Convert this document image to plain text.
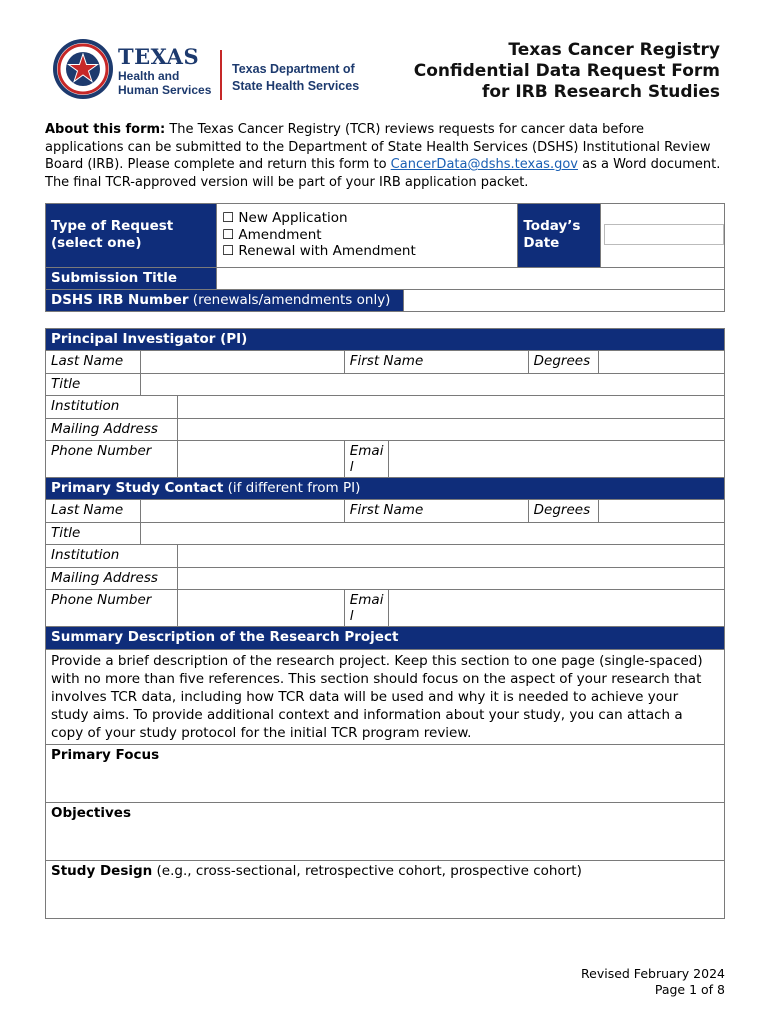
TEXAS
Health and Human Services
Texas Department of State Health Services
Texas Cancer Registry
Confidential Data Request Form
for IRB Research Studies
About this form: The Texas Cancer Registry (TCR) reviews requests for cancer data before applications can be submitted to the Department of State Health Services (DSHS) Institutional Review Board (IRB). Please complete and return this form to CancerData@dshs.texas.gov as a Word document. The final TCR-approved version will be part of your IRB application packet.
Type of Request (select one)	☐ New Application
☐ Amendment
☐ Renewal with Amendment		Today’s Date	
Submission Title				
DSHS IRB Number (renewals/amendments only)				
Principal Investigator (PI)						
Last Name			First Name		Degrees	
Title						
Institution						
Mailing Address						
Phone Number			Emai l			
Primary Study Contact (if different from PI)						
Last Name			First Name		Degrees	
Title						
Institution						
Mailing Address						
Phone Number			Emai l			
Summary Description of the Research Project						
Provide a brief description of the research project. Keep this section to one page (single-spaced) with no more than five references. This section should focus on the aspect of your research that involves TCR data, including how TCR data will be used and why it is needed to achieve your study aims. To provide additional context and information about your study, you can attach a copy of your study protocol for the initial TCR program review.						
Primary Focus						
Objectives						
Study Design (e.g., cross-sectional, retrospective cohort, prospective cohort)						
Revised February 2024
Page 1 of 8
